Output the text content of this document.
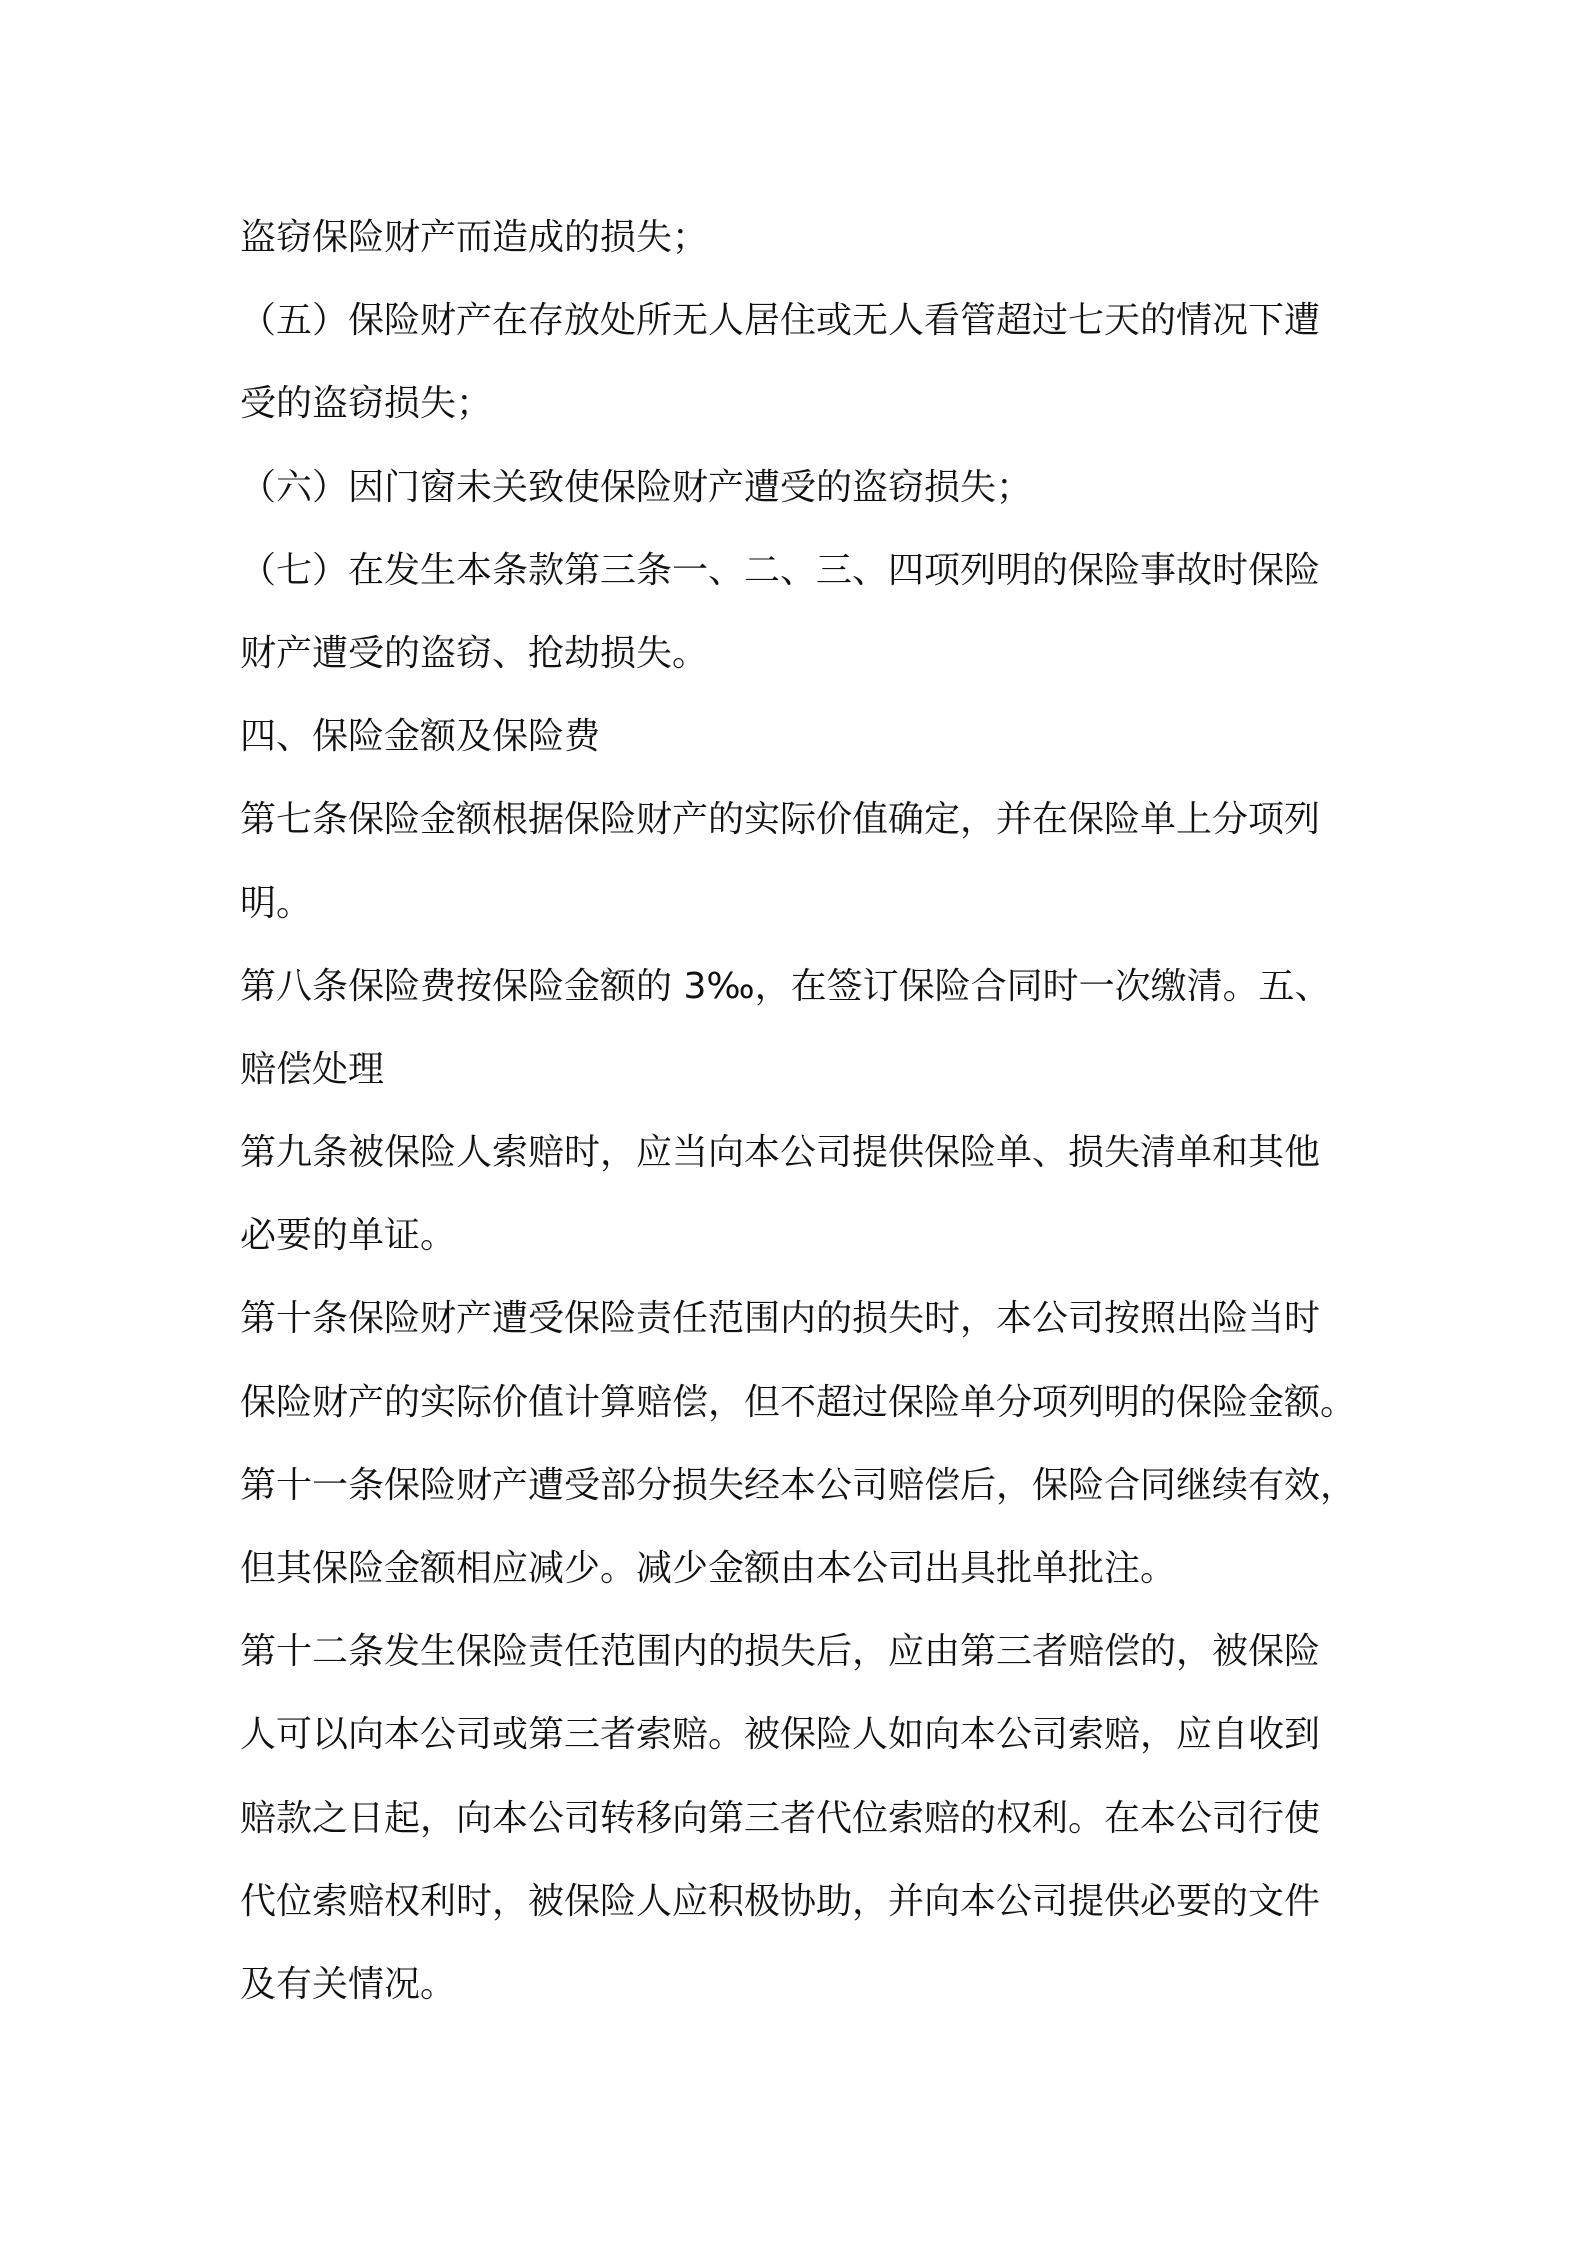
盗窃保险财产而造成的损失；
（五）保险财产在存放处所无人居住或无人看管超过七天的情况下遭
受的盗窃损失；
（六）因门窗未关致使保险财产遭受的盗窃损失；
（七）在发生本条款第三条一、二、三、四项列明的保险事故时保险
财产遭受的盗窃、抢劫损失。
四、保险金额及保险费
第七条保险金额根据保险财产的实际价值确定，并在保险单上分项列
明。
第八条保险费按保险金额的 3‰，在签订保险合同时一次缴清。五、
赔偿处理
第九条被保险人索赔时，应当向本公司提供保险单、损失清单和其他
必要的单证。
第十条保险财产遭受保险责任范围内的损失时，本公司按照出险当时
保险财产的实际价值计算赔偿，但不超过保险单分项列明的保险金额。
第十一条保险财产遭受部分损失经本公司赔偿后，保险合同继续有效，
但其保险金额相应减少。减少金额由本公司出具批单批注。
第十二条发生保险责任范围内的损失后，应由第三者赔偿的，被保险
人可以向本公司或第三者索赔。被保险人如向本公司索赔，应自收到
赔款之日起，向本公司转移向第三者代位索赔的权利。在本公司行使
代位索赔权利时，被保险人应积极协助，并向本公司提供必要的文件
及有关情况。
